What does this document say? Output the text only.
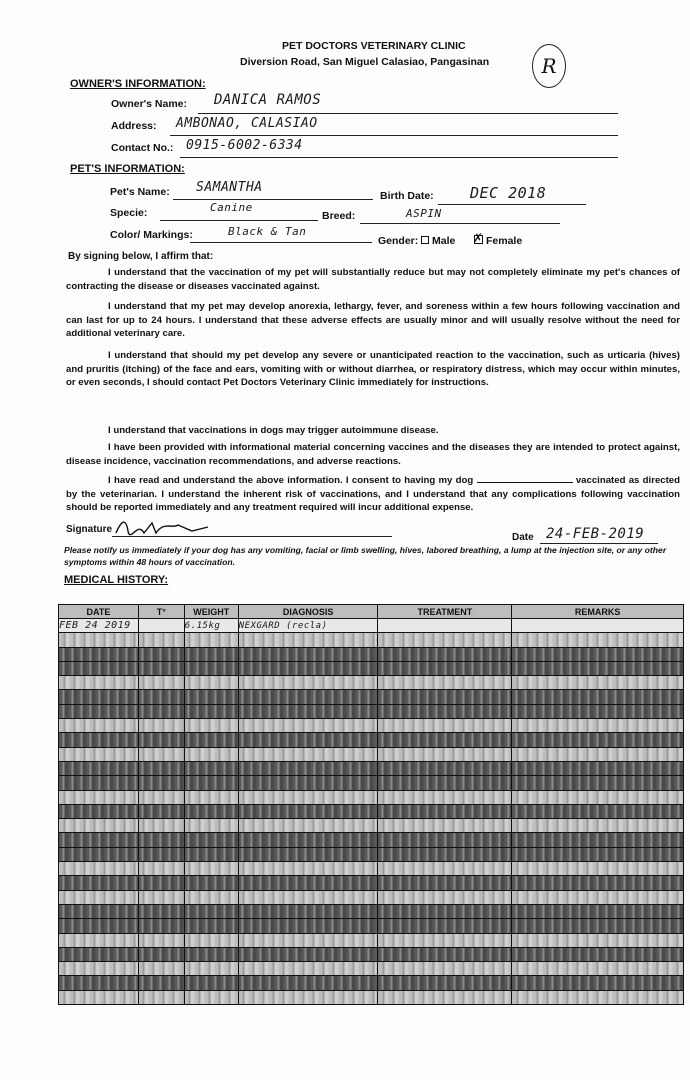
PET DOCTORS VETERINARY CLINIC
Diversion Road, San Miguel Calasiao, Pangasinan	R
OWNER'S INFORMATION:
Owner's Name: DANICA RAMOS
Address: AMBONAO, CALASIAO
Contact No.: 0915-6002-6334
PET'S INFORMATION:
Pet's Name: SAMANTHA
Birth Date: DEC 2018
Specie:	Canine
Breed:	ASPIN
Color/ Markings:	Black & Tan
Gender:	Male ✗ Female
By signing below, I affirm that:
I understand that the vaccination of my pet will substantially reduce but may not completely eliminate my pet's chances of contracting the disease or diseases vaccinated against.
I understand that my pet may develop anorexia, lethargy, fever, and soreness within a few hours following vaccination and can last for up to 24 hours. I understand that these adverse effects are usually minor and will usually resolve without the need for additional veterinary care.
I understand that should my pet develop any severe or unanticipated reaction to the vaccination, such as urticaria (hives) and pruritis (itching) of the face and ears, vomiting with or without diarrhea, or respiratory distress, which may occur within minutes, or even seconds, I should contact Pet Doctors Veterinary Clinic immediately for instructions.
I understand that vaccinations in dogs may trigger autoimmune disease.
I have been provided with informational material concerning vaccines and the diseases they are intended to protect against, disease incidence, vaccination recommendations, and adverse reactions.
I have read and understand the above information. I consent to having my dog	vaccinated as directed by the veterinarian. I understand the inherent risk of vaccinations, and I understand that any complications following vaccination should be reported immediately and any treatment required will incur additional expense.
Signature
Date 24-FEB-2019
Please notify us immediately if your dog has any vomiting, facial or limb swelling, hives, labored breathing, a lump at the injection site, or any other symptoms within 48 hours of vaccination.
MEDICAL HISTORY:
DATE	T°	WEIGHT	DIAGNOSIS	TREATMENT	REMARKS
FEB 24 2019		6.15kg	NEXGARD (recla)		
